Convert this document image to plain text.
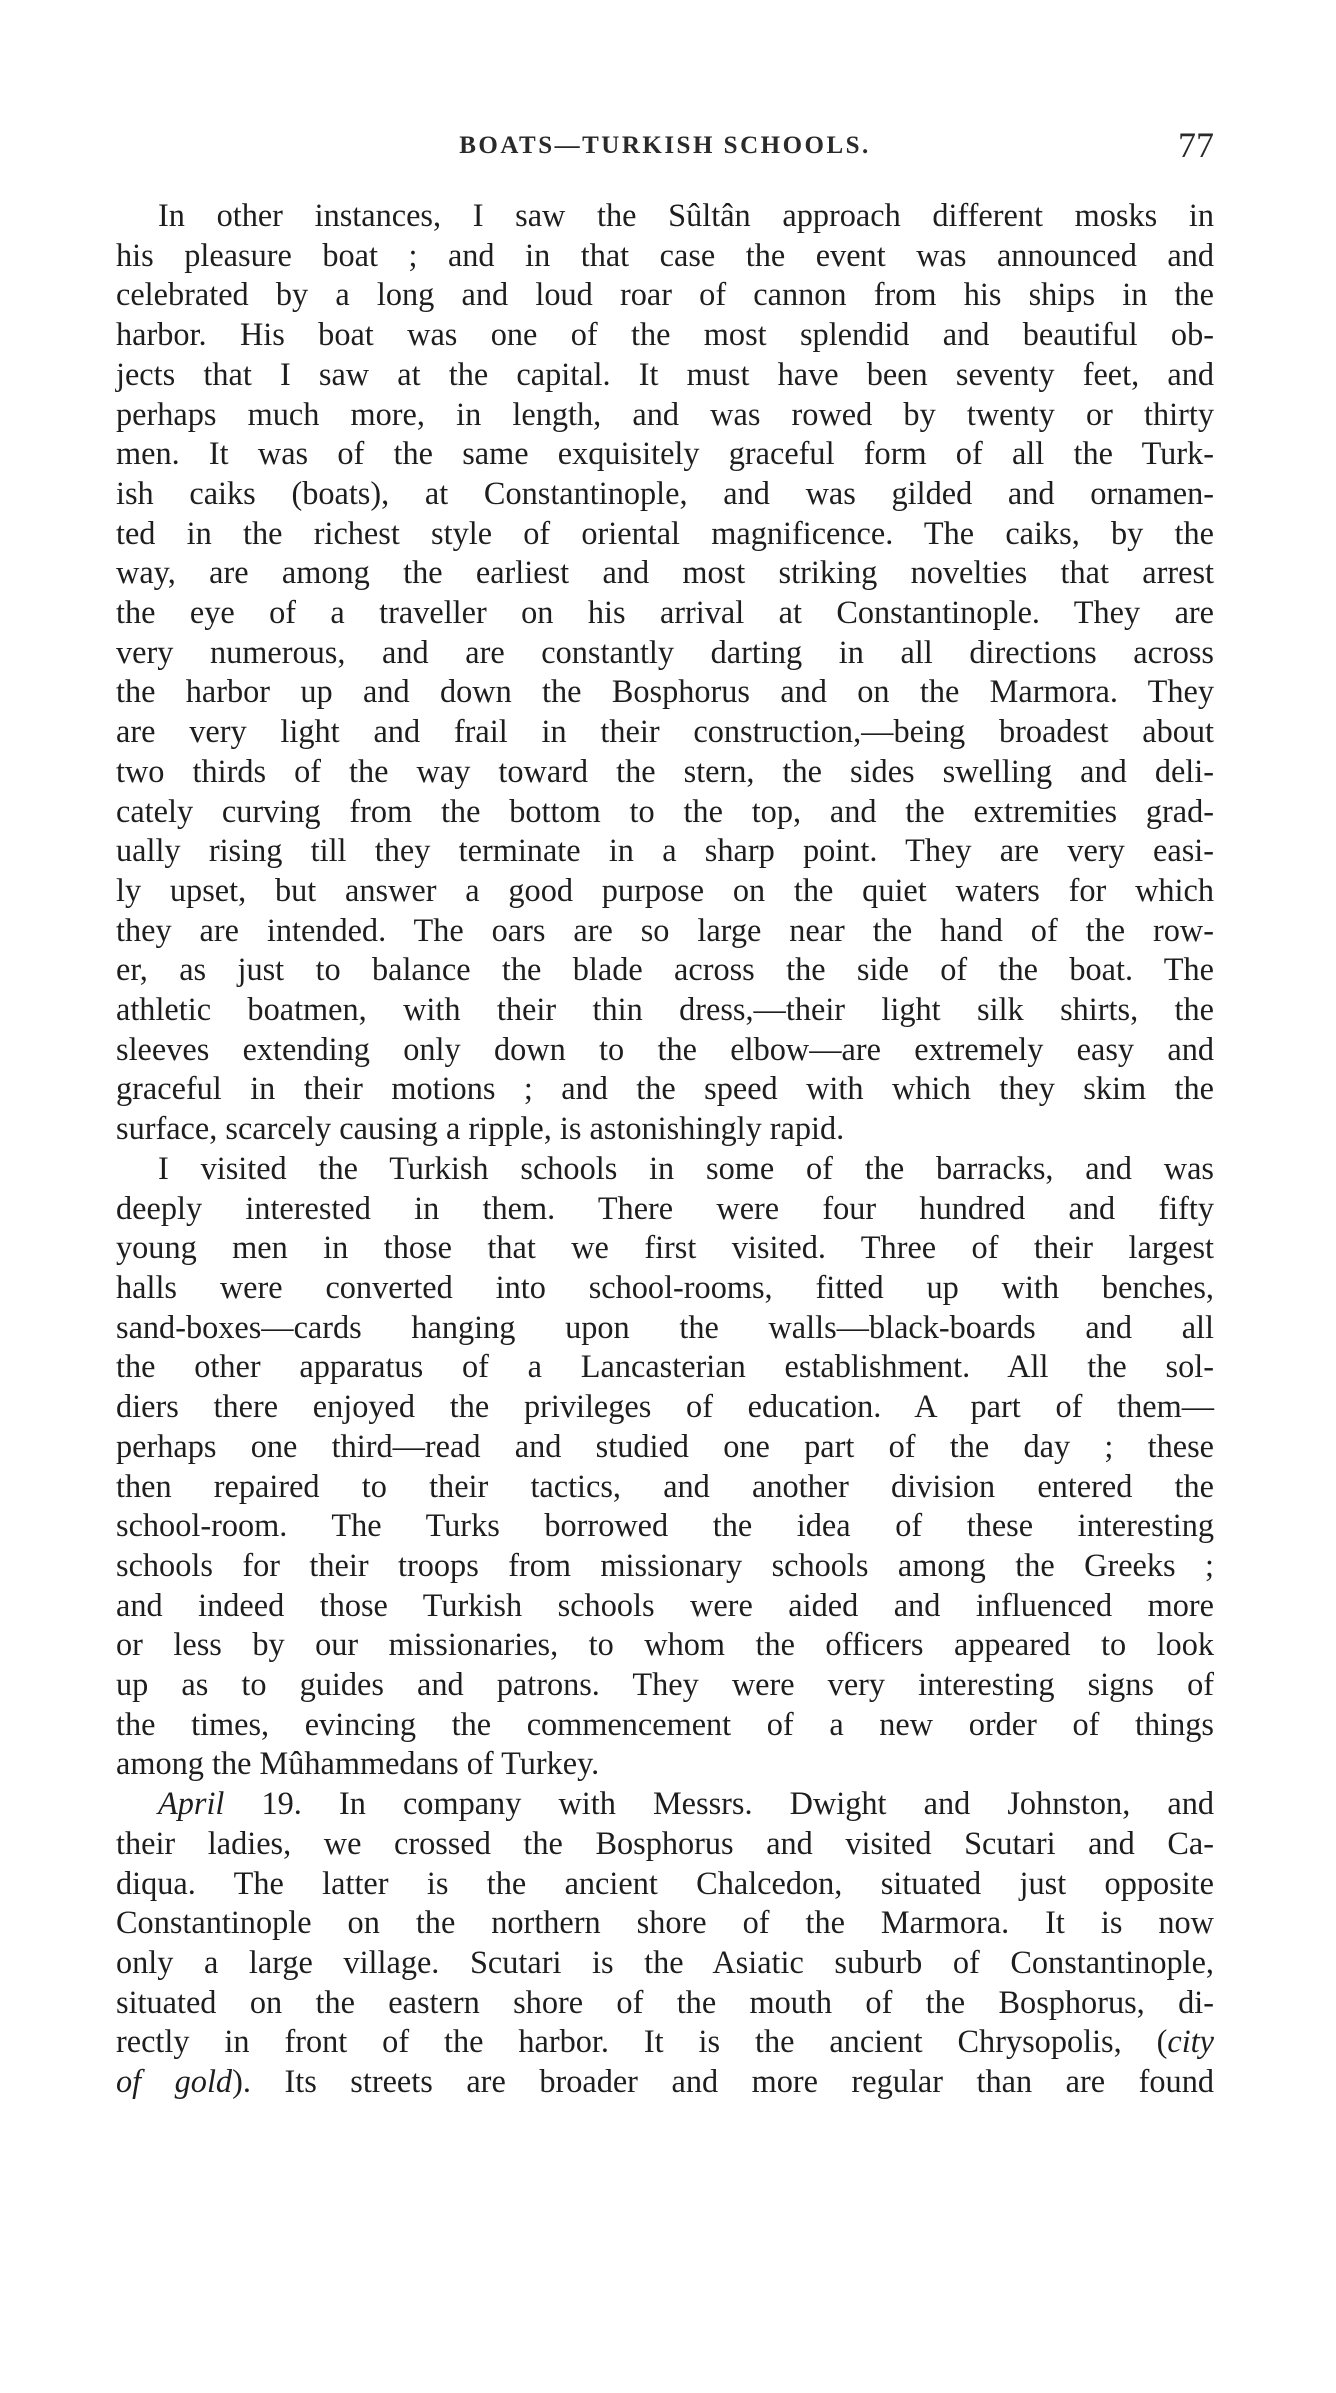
BOATS—TURKISH SCHOOLS.	77

In other instances, I saw the Sûltân approach different mosks in
his pleasure boat ; and in that case the event was announced and
celebrated by a long and loud roar of cannon from his ships in the
harbor. His boat was one of the most splendid and beautiful ob-
jects that I saw at the capital. It must have been seventy feet, and
perhaps much more, in length, and was rowed by twenty or thirty
men. It was of the same exquisitely graceful form of all the Turk-
ish caiks (boats), at Constantinople, and was gilded and ornamen-
ted in the richest style of oriental magnificence. The caiks, by the
way, are among the earliest and most striking novelties that arrest
the eye of a traveller on his arrival at Constantinople. They are
very numerous, and are constantly darting in all directions across
the harbor up and down the Bosphorus and on the Marmora. They
are very light and frail in their construction,—being broadest about
two thirds of the way toward the stern, the sides swelling and deli-
cately curving from the bottom to the top, and the extremities grad-
ually rising till they terminate in a sharp point. They are very easi-
ly upset, but answer a good purpose on the quiet waters for which
they are intended. The oars are so large near the hand of the row-
er, as just to balance the blade across the side of the boat. The
athletic boatmen, with their thin dress,—their light silk shirts, the
sleeves extending only down to the elbow—are extremely easy and
graceful in their motions ; and the speed with which they skim the
surface, scarcely causing a ripple, is astonishingly rapid.

I visited the Turkish schools in some of the barracks, and was
deeply interested in them. There were four hundred and fifty
young men in those that we first visited. Three of their largest
halls were converted into school-rooms, fitted up with benches,
sand-boxes—cards hanging upon the walls—black-boards and all
the other apparatus of a Lancasterian establishment. All the sol-
diers there enjoyed the privileges of education. A part of them—
perhaps one third—read and studied one part of the day ; these
then repaired to their tactics, and another division entered the
school-room. The Turks borrowed the idea of these interesting
schools for their troops from missionary schools among the Greeks ;
and indeed those Turkish schools were aided and influenced more
or less by our missionaries, to whom the officers appeared to look
up as to guides and patrons. They were very interesting signs of
the times, evincing the commencement of a new order of things
among the Mûhammedans of Turkey.

April 19. In company with Messrs. Dwight and Johnston, and
their ladies, we crossed the Bosphorus and visited Scutari and Ca-
diqua. The latter is the ancient Chalcedon, situated just opposite
Constantinople on the northern shore of the Marmora. It is now
only a large village. Scutari is the Asiatic suburb of Constantinople,
situated on the eastern shore of the mouth of the Bosphorus, di-
rectly in front of the harbor. It is the ancient Chrysopolis, (city
of gold). Its streets are broader and more regular than are found
